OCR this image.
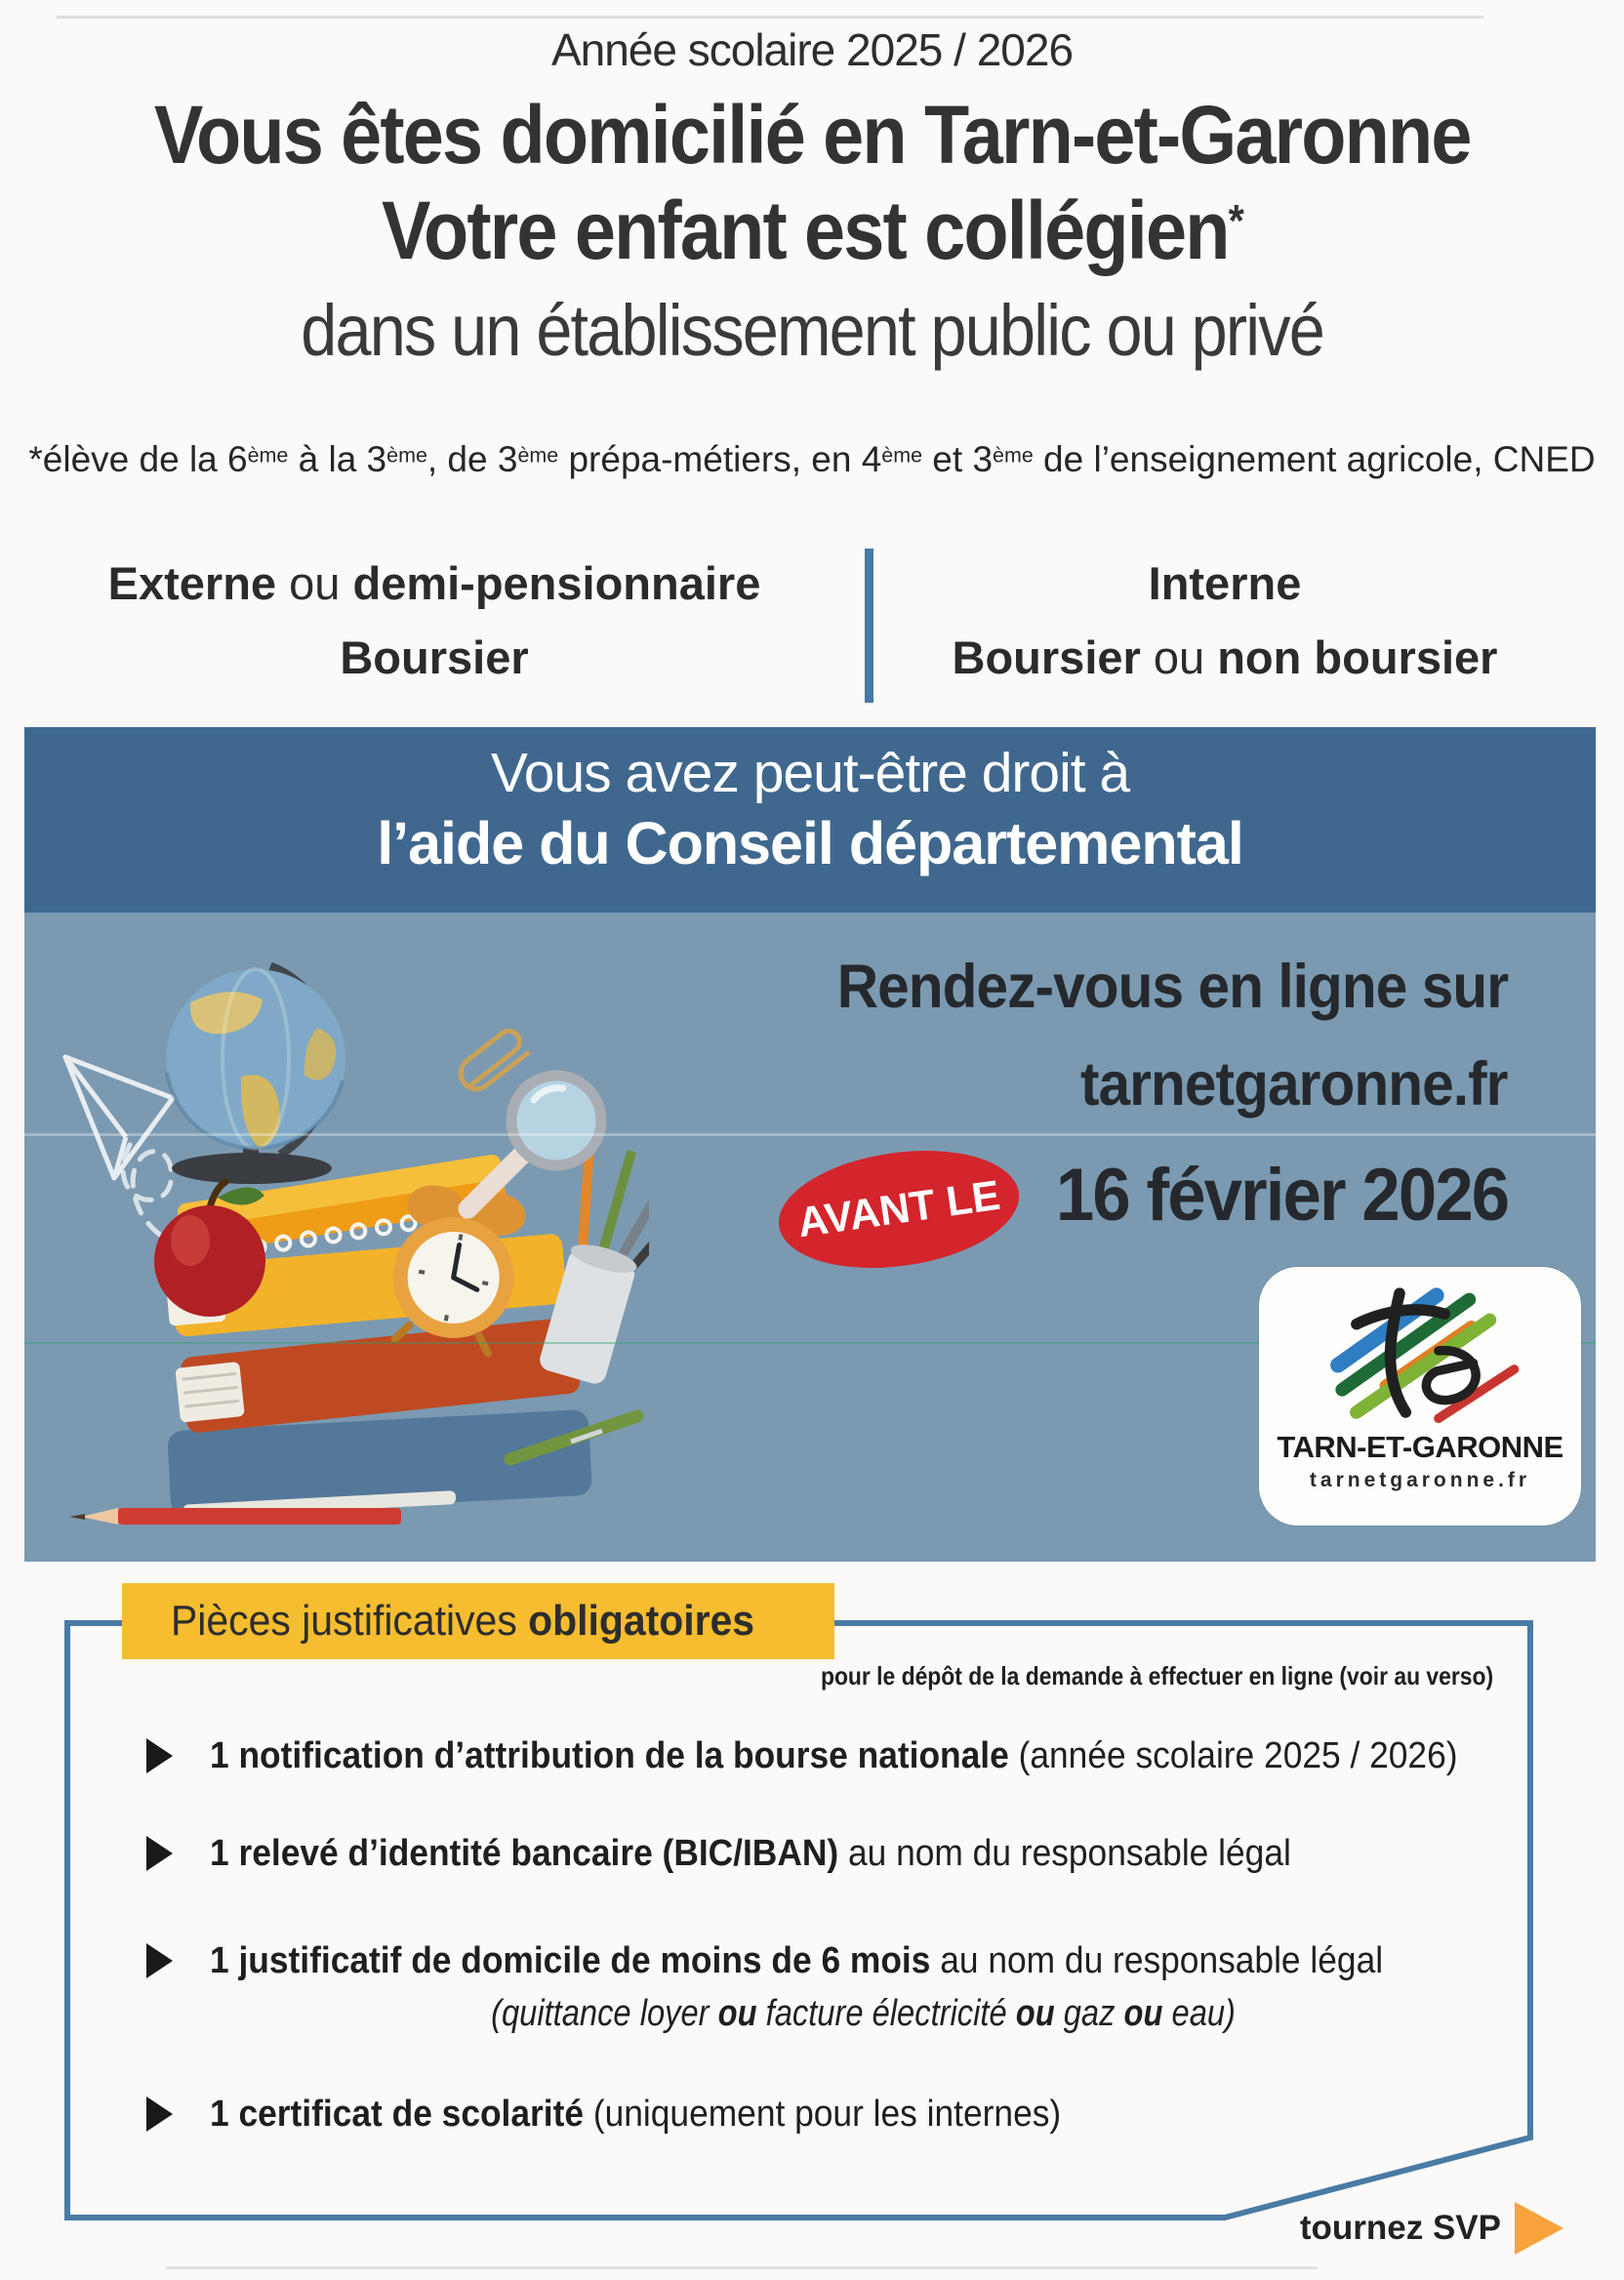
Année scolaire 2025 / 2026
Vous êtes domicilié en Tarn-et-Garonne
Votre enfant est collégien*
dans un établissement public ou privé
*élève de la 6ème à la 3ème, de 3ème prépa-métiers, en 4ème et 3ème de l’enseignement agricole, CNED
Externe ou demi-pensionnaire
Boursier
Interne
Boursier ou non boursier
Vous avez peut-être droit à
l’aide du Conseil départemental
Rendez-vous en ligne sur
tarnetgaronne.fr
AVANT LE 16 février 2026
TARN-ET-GARONNE
tarnetgaronne.fr
Pièces justificatives obligatoires
pour le dépôt de la demande à effectuer en ligne (voir au verso)
1 notification d’attribution de la bourse nationale (année scolaire 2025 / 2026)
1 relevé d’identité bancaire (BIC/IBAN) au nom du responsable légal
1 justificatif de domicile de moins de 6 mois au nom du responsable légal
(quittance loyer ou facture électricité ou gaz ou eau)
1 certificat de scolarité (uniquement pour les internes)
tournez SVP
